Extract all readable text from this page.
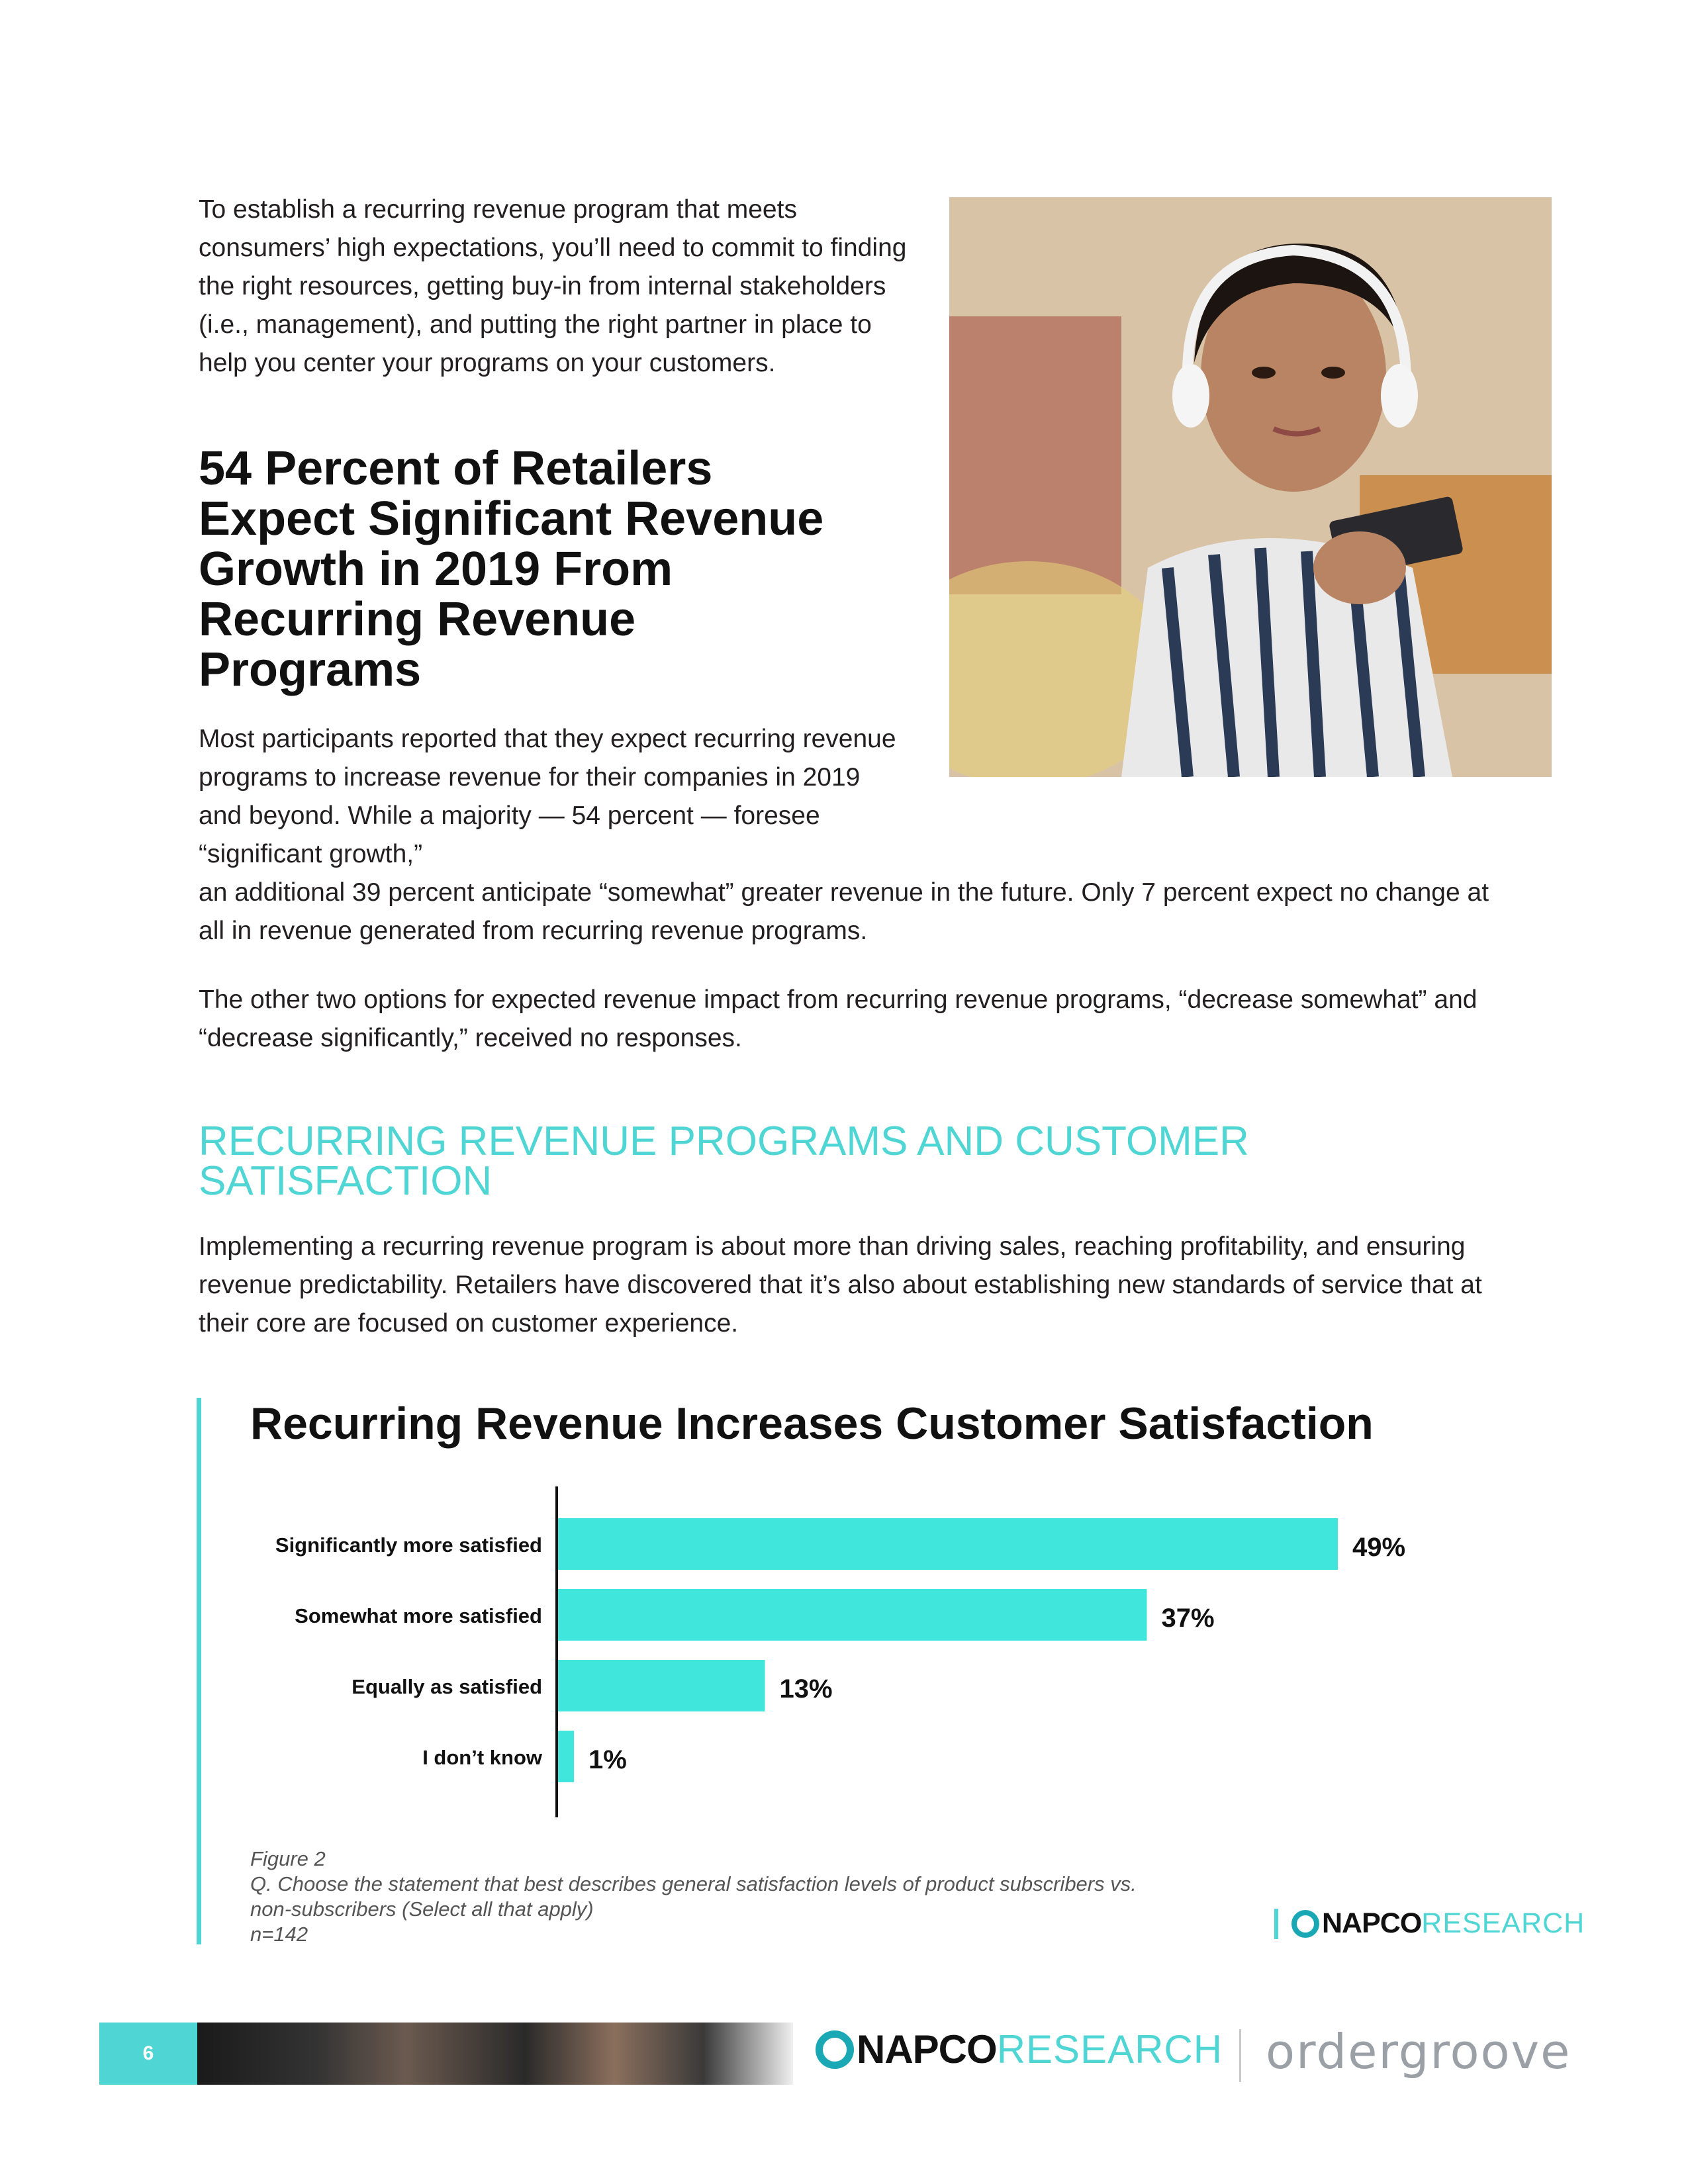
To establish a recurring revenue program that meets consumers’ high expectations, you’ll need to commit to finding the right resources, getting buy-in from internal stakeholders (i.e., management), and putting the right partner in place to help you center your programs on your customers.

54 Percent of Retailers Expect Significant Revenue Growth in 2019 From Recurring Revenue Programs

Most participants reported that they expect recurring revenue programs to increase revenue for their companies in 2019 and beyond. While a majority — 54 percent — foresee “significant growth,”

an additional 39 percent anticipate “somewhat” greater revenue in the future. Only 7 percent expect no change at all in revenue generated from recurring revenue programs.

The other two options for expected revenue impact from recurring revenue programs, “decrease somewhat” and “decrease significantly,” received no responses.

RECURRING REVENUE PROGRAMS AND CUSTOMER SATISFACTION

Implementing a recurring revenue program is about more than driving sales, reaching profitability, and ensuring revenue predictability. Retailers have discovered that it’s also about establishing new standards of service that at their core are focused on customer experience.

Recurring Revenue Increases Customer Satisfaction
Significantly more satisfied	49%
Somewhat more satisfied	37%
Equally as satisfied	13%
I don’t know 1%
Figure 2
Q. Choose the statement that best describes general satisfaction levels of product subscribers vs.
non-subscribers (Select all that apply)
n=142	NAPCO RESEARCH
6	NAPCO RESEARCH ordergroove
